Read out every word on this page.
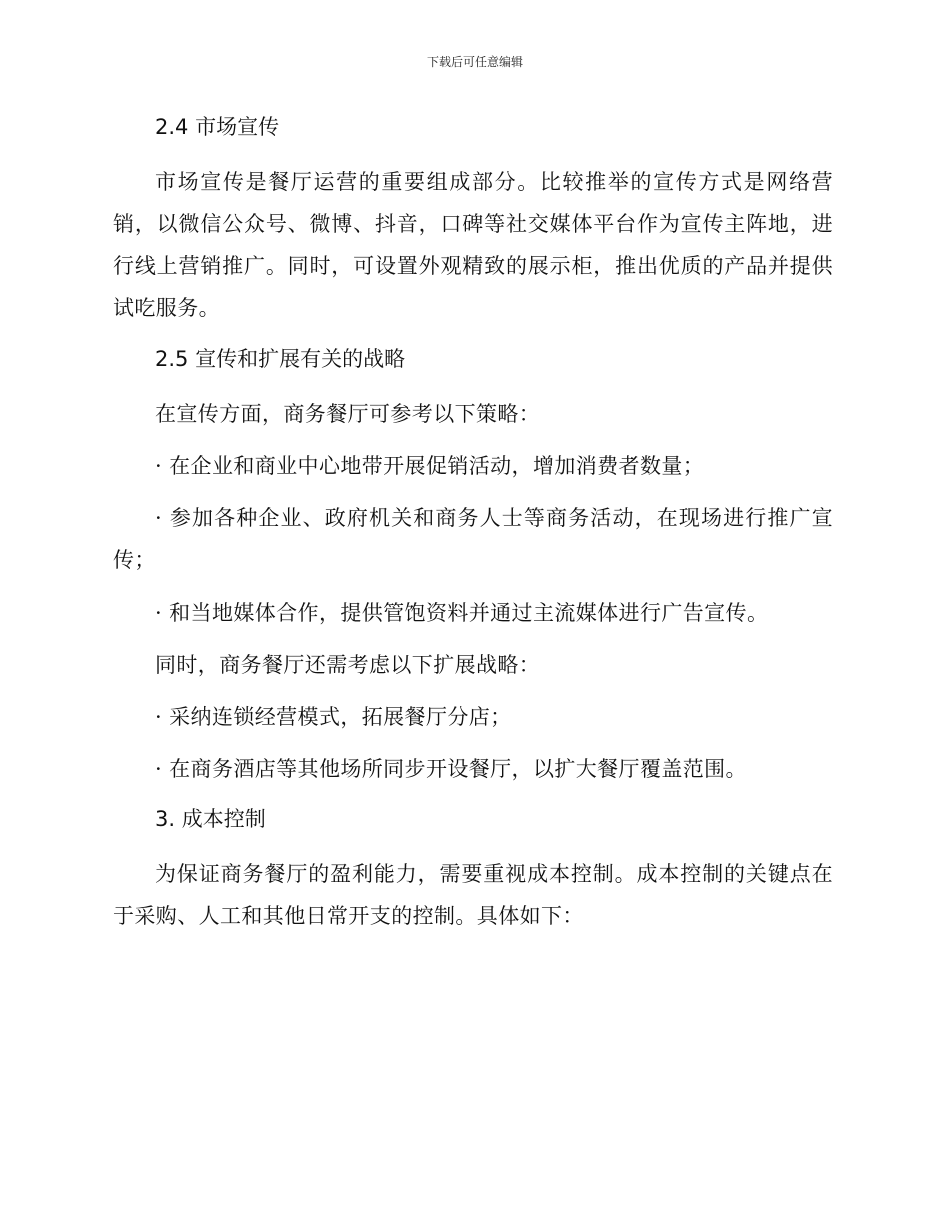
下载后可任意编辑
2.4 市场宣传

市场宣传是餐厅运营的重要组成部分。比较推举的宣传方式是网络营销，以微信公众号、微博、抖音，口碑等社交媒体平台作为宣传主阵地，进行线上营销推广。同时，可设置外观精致的展示柜，推出优质的产品并提供试吃服务。

2.5 宣传和扩展有关的战略

在宣传方面，商务餐厅可参考以下策略：

· 在企业和商业中心地带开展促销活动，增加消费者数量；

· 参加各种企业、政府机关和商务人士等商务活动，在现场进行推广宣传；

· 和当地媒体合作，提供管饱资料并通过主流媒体进行广告宣传。

同时，商务餐厅还需考虑以下扩展战略：

· 采纳连锁经营模式，拓展餐厅分店；

· 在商务酒店等其他场所同步开设餐厅，以扩大餐厅覆盖范围。

3. 成本控制

为保证商务餐厅的盈利能力，需要重视成本控制。成本控制的关键点在于采购、人工和其他日常开支的控制。具体如下：
